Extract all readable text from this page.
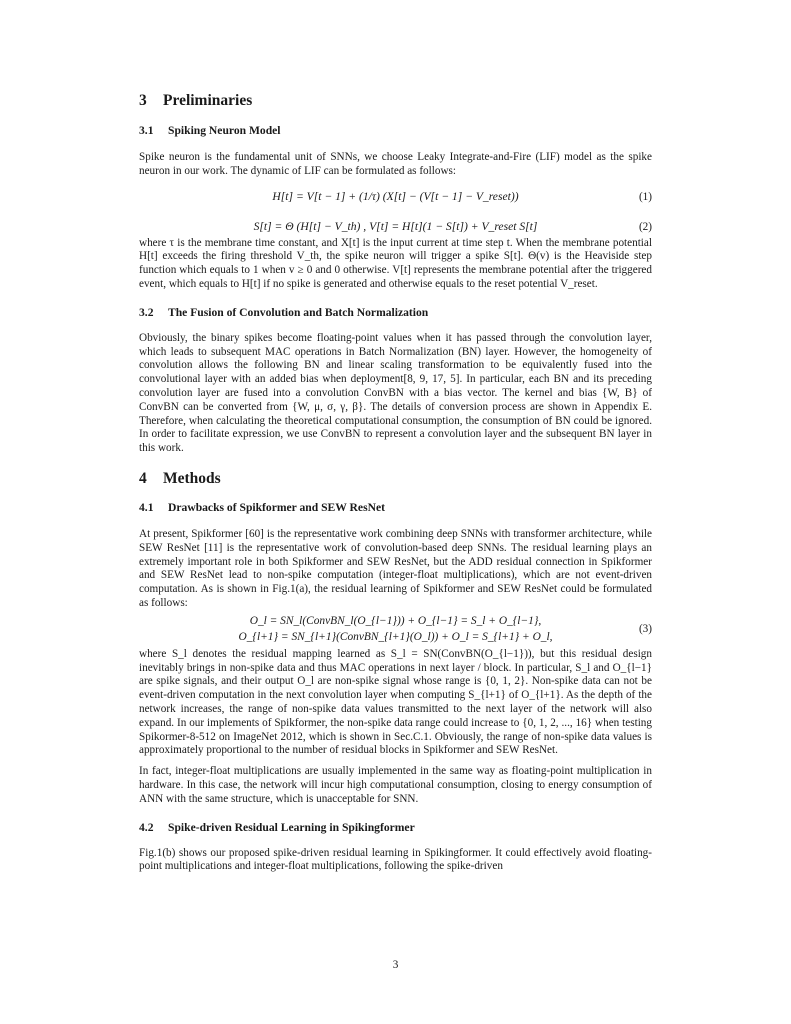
3	Preliminaries
3.1	Spiking Neuron Model

Spike neuron is the fundamental unit of SNNs, we choose Leaky Integrate-and-Fire (LIF) model as the spike neuron in our work. The dynamic of LIF can be formulated as follows:

H[t] = V[t − 1] + (1/τ) (X[t] − (V[t − 1] − V_reset))	(1)
S[t] = Θ (H[t] − V_th) , V[t] = H[t](1 − S[t]) + V_reset S[t]	(2)

where τ is the membrane time constant, and X[t] is the input current at time step t. When the membrane potential H[t] exceeds the firing threshold V_th, the spike neuron will trigger a spike S[t]. Θ(v) is the Heaviside step function which equals to 1 when v ≥ 0 and 0 otherwise. V[t] represents the membrane potential after the triggered event, which equals to H[t] if no spike is generated and otherwise equals to the reset potential V_reset.

3.2	The Fusion of Convolution and Batch Normalization

Obviously, the binary spikes become floating-point values when it has passed through the convolution layer, which leads to subsequent MAC operations in Batch Normalization (BN) layer. However, the homogeneity of convolution allows the following BN and linear scaling transformation to be equivalently fused into the convolutional layer with an added bias when deployment[8, 9, 17, 5]. In particular, each BN and its preceding convolution layer are fused into a convolution ConvBN with a bias vector. The kernel and bias {W, B} of ConvBN can be converted from {W, μ, σ, γ, β}. The details of conversion process are shown in Appendix E. Therefore, when calculating the theoretical computational consumption, the consumption of BN could be ignored. In order to facilitate expression, we use ConvBN to represent a convolution layer and the subsequent BN layer in this work.

4	Methods
4.1	Drawbacks of Spikformer and SEW ResNet

At present, Spikformer [60] is the representative work combining deep SNNs with transformer architecture, while SEW ResNet [11] is the representative work of convolution-based deep SNNs. The residual learning plays an extremely important role in both Spikformer and SEW ResNet, but the ADD residual connection in Spikformer and SEW ResNet lead to non-spike computation (integer-float multiplications), which are not event-driven computation. As is shown in Fig.1(a), the residual learning of Spikformer and SEW ResNet could be formulated as follows:

O_l = SN_l(ConvBN_l(O_{l−1})) + O_{l−1} = S_l + O_{l−1},
O_{l+1} = SN_{l+1}(ConvBN_{l+1}(O_l)) + O_l = S_{l+1} + O_l,
(3)

where S_l denotes the residual mapping learned as S_l = SN(ConvBN(O_{l−1})), but this residual design inevitably brings in non-spike data and thus MAC operations in next layer / block. In particular, S_l and O_{l−1} are spike signals, and their output O_l are non-spike signal whose range is {0, 1, 2}. Non-spike data can not be event-driven computation in the next convolution layer when computing S_{l+1} of O_{l+1}. As the depth of the network increases, the range of non-spike data values transmitted to the next layer of the network will also expand. In our implements of Spikformer, the non-spike data range could increase to {0, 1, 2, ..., 16} when testing Spikormer-8-512 on ImageNet 2012, which is shown in Sec.C.1. Obviously, the range of non-spike data values is approximately proportional to the number of residual blocks in Spikformer and SEW ResNet.

In fact, integer-float multiplications are usually implemented in the same way as floating-point multiplication in hardware. In this case, the network will incur high computational consumption, closing to energy consumption of ANN with the same structure, which is unacceptable for SNN.

4.2	Spike-driven Residual Learning in Spikingformer

Fig.1(b) shows our proposed spike-driven residual learning in Spikingformer. It could effectively avoid floating-point multiplications and integer-float multiplications, following the spike-driven

3
